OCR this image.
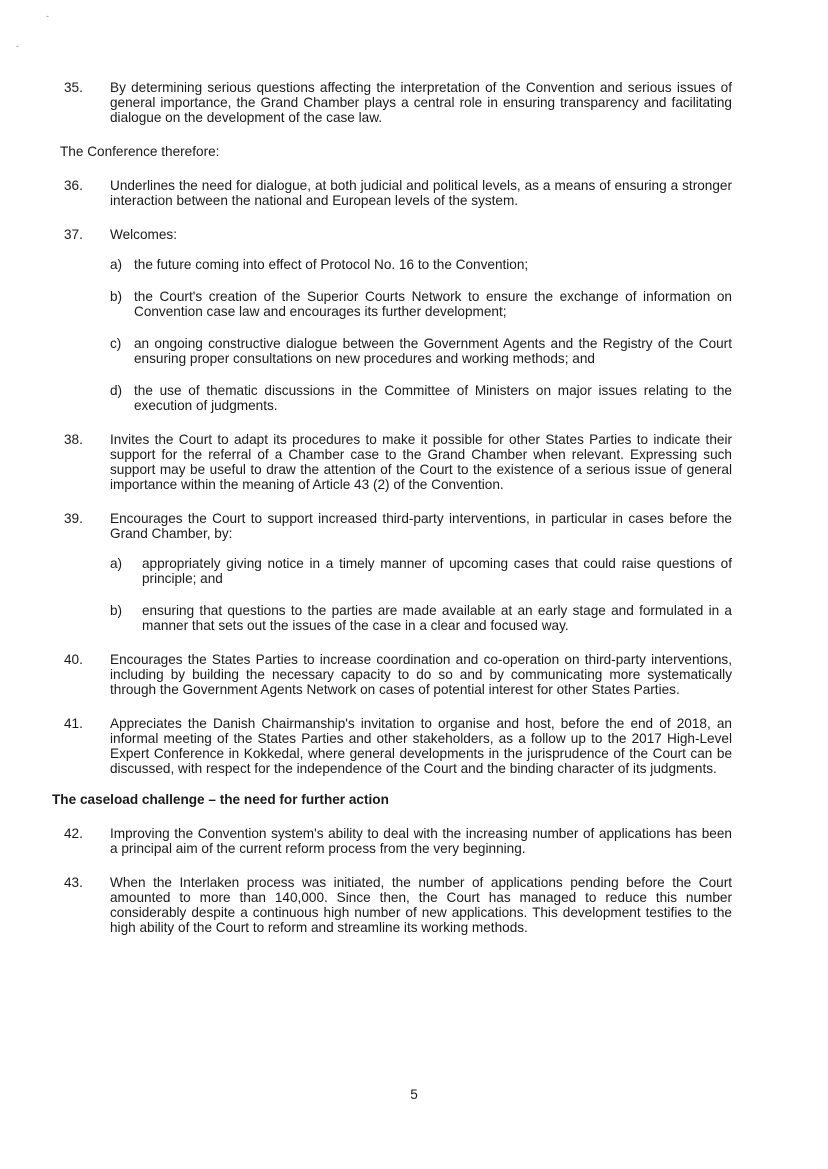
-
-
35. By determining serious questions affecting the interpretation of the Convention and serious issues of general importance, the Grand Chamber plays a central role in ensuring transparency and facilitating dialogue on the development of the case law.
The Conference therefore:
36. Underlines the need for dialogue, at both judicial and political levels, as a means of ensuring a stronger interaction between the national and European levels of the system.
37. Welcomes:
a) the future coming into effect of Protocol No. 16 to the Convention;
b) the Court's creation of the Superior Courts Network to ensure the exchange of information on Convention case law and encourages its further development;
c) an ongoing constructive dialogue between the Government Agents and the Registry of the Court ensuring proper consultations on new procedures and working methods; and
d) the use of thematic discussions in the Committee of Ministers on major issues relating to the execution of judgments.
38. Invites the Court to adapt its procedures to make it possible for other States Parties to indicate their support for the referral of a Chamber case to the Grand Chamber when relevant. Expressing such support may be useful to draw the attention of the Court to the existence of a serious issue of general importance within the meaning of Article 43 (2) of the Convention.
39. Encourages the Court to support increased third-party interventions, in particular in cases before the Grand Chamber, by:
a) appropriately giving notice in a timely manner of upcoming cases that could raise questions of principle; and
b) ensuring that questions to the parties are made available at an early stage and formulated in a manner that sets out the issues of the case in a clear and focused way.
40. Encourages the States Parties to increase coordination and co-operation on third-party interventions, including by building the necessary capacity to do so and by communicating more systematically through the Government Agents Network on cases of potential interest for other States Parties.
41. Appreciates the Danish Chairmanship's invitation to organise and host, before the end of 2018, an informal meeting of the States Parties and other stakeholders, as a follow up to the 2017 High-Level Expert Conference in Kokkedal, where general developments in the jurisprudence of the Court can be discussed, with respect for the independence of the Court and the binding character of its judgments.
The caseload challenge – the need for further action
42. Improving the Convention system's ability to deal with the increasing number of applications has been a principal aim of the current reform process from the very beginning.
43. When the Interlaken process was initiated, the number of applications pending before the Court amounted to more than 140,000. Since then, the Court has managed to reduce this number considerably despite a continuous high number of new applications. This development testifies to the high ability of the Court to reform and streamline its working methods.
5
